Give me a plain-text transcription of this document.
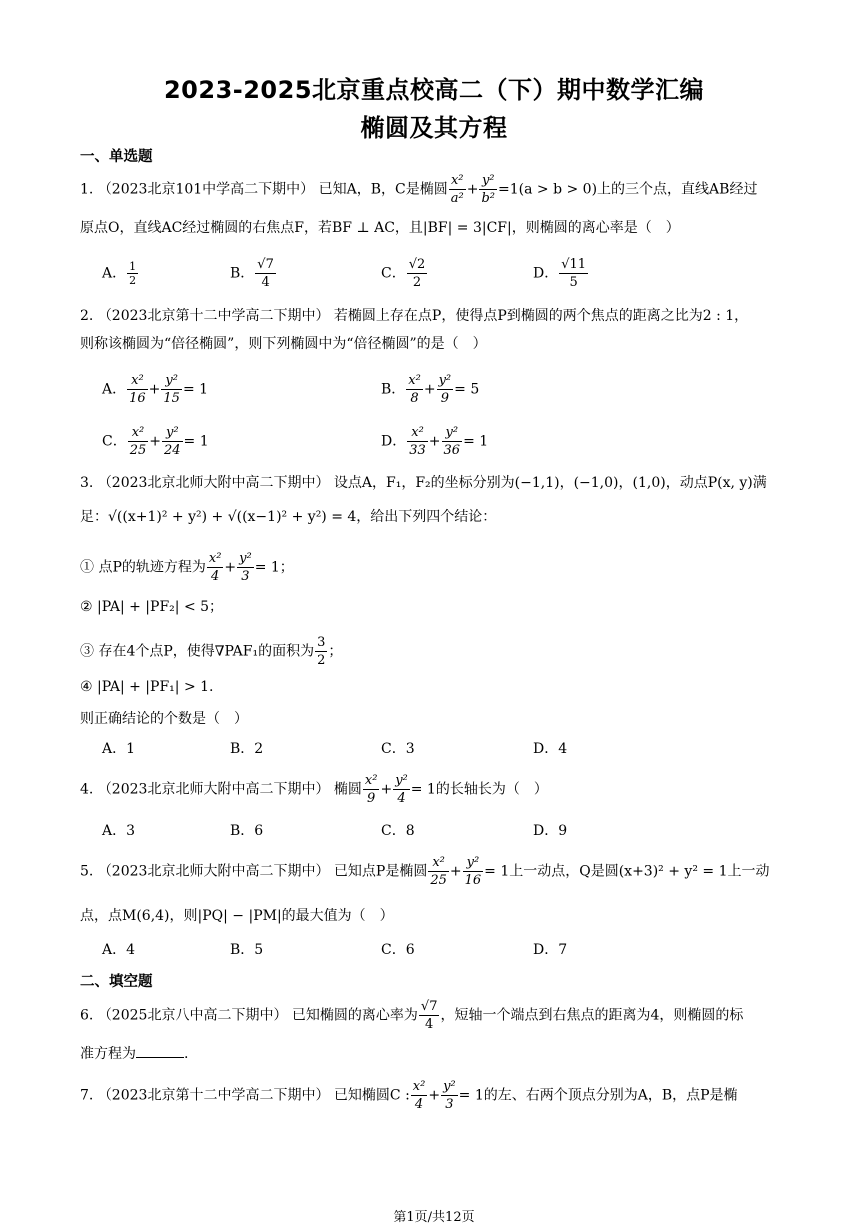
2023-2025北京重点校高二（下）期中数学汇编
椭圆及其方程
一、单选题
1. （2023北京101中学高二下期中） 已知A，B，C是椭圆 $\frac{\text{x²}}{\text{a²}} + \frac{\text{y²}}{\text{b²}} =1(a > b > 0)$上的三个点，直线AB经过
原点O，直线AC经过椭圆的右焦点F，若BF ⊥ AC，且|BF| = 3|CF|，则椭圆的离心率是（　）
A． $\frac{1}{2}$	B． $\frac{√7}{4}$	C． $\frac{√2}{2}$	D． $\frac{√11}{5}$
2. （2023北京第十二中学高二下期中） 若椭圆上存在点P，使得点P到椭圆的两个焦点的距离之比为2 : 1，
则称该椭圆为“倍径椭圆”，则下列椭圆中为“倍径椭圆”的是（　）
A． $\frac{\text{x²}}{16} + \frac{\text{y²}}{15} = 1$	B． $\frac{\text{x²}}{8} + \frac{\text{y²}}{9} = 5$
C． $\frac{\text{x²}}{25} + \frac{\text{y²}}{24} = 1$	D． $\frac{\text{x²}}{33} + \frac{\text{y²}}{36} = 1$
3. （2023北京北师大附中高二下期中） 设点A，F₁，F₂的坐标分别为(−1,1)，(−1,0)，(1,0)，动点P(x, y)满
足：√((x+1)² + y²) + √((x−1)² + y²) = 4，给出下列四个结论：
① 点P的轨迹方程为 $\frac{\text{x²}}{4} + \frac{\text{y²}}{3} = 1$；
② |PA| + |PF₂| < 5；
③ 存在4个点P，使得∇PAF₁的面积为 $\frac{3}{2}$ ；
④ |PA| + |PF₁| > 1.
则正确结论的个数是（　）
A．1	B．2	C．3	D．4
4. （2023北京北师大附中高二下期中） 椭圆 $\frac{\text{x²}}{9} + \frac{\text{y²}}{4} = 1$的长轴长为（　）
A．3	B．6	C．8	D．9
5. （2023北京北师大附中高二下期中） 已知点P是椭圆 $\frac{\text{x²}}{25} + \frac{\text{y²}}{16} = 1$上一动点，Q是圆(x+3)² + y² = 1上一动
点，点M(6,4)，则|PQ| − |PM|的最大值为（　）
A．4	B．5	C．6	D．7
二、填空题
6. （2025北京八中高二下期中） 已知椭圆的离心率为 $\frac{√7}{4}$ ，短轴一个端点到右焦点的距离为4，则椭圆的标
准方程为	.
7. （2023北京第十二中学高二下期中） 已知椭圆C : $\frac{\text{x²}}{4} + \frac{\text{y²}}{3} = 1$的左、右两个顶点分别为A，B，点P是椭
第1页/共12页
